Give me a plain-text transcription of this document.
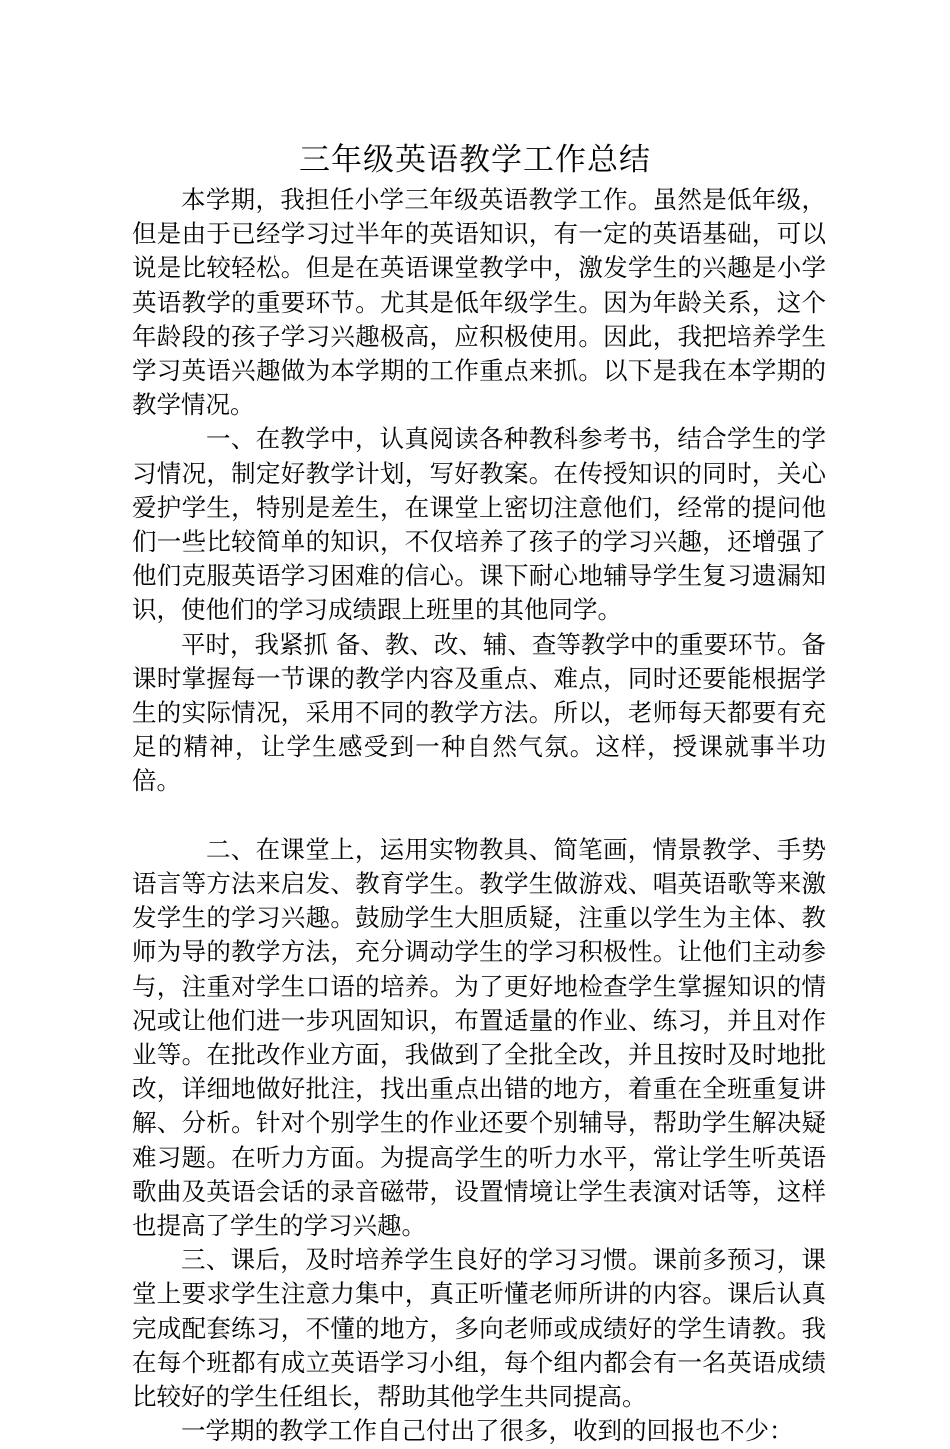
三年级英语教学工作总结

本学期，我担任小学三年级英语教学工作。虽然是低年级，但是由于已经学习过半年的英语知识，有一定的英语基础，可以说是比较轻松。但是在英语课堂教学中，激发学生的兴趣是小学英语教学的重要环节。尤其是低年级学生。因为年龄关系，这个年龄段的孩子学习兴趣极高，应积极使用。因此，我把培养学生学习英语兴趣做为本学期的工作重点来抓。以下是我在本学期的教学情况。

一、在教学中，认真阅读各种教科参考书，结合学生的学习情况，制定好教学计划，写好教案。在传授知识的同时，关心爱护学生，特别是差生，在课堂上密切注意他们，经常的提问他们一些比较简单的知识，不仅培养了孩子的学习兴趣，还增强了他们克服英语学习困难的信心。课下耐心地辅导学生复习遗漏知识，使他们的学习成绩跟上班里的其他同学。

平时，我紧抓 备、教、改、辅、查等教学中的重要环节。备课时掌握每一节课的教学内容及重点、难点，同时还要能根据学生的实际情况，采用不同的教学方法。所以，老师每天都要有充足的精神，让学生感受到一种自然气氛。这样，授课就事半功倍。

二、在课堂上，运用实物教具、简笔画，情景教学、手势语言等方法来启发、教育学生。教学生做游戏、唱英语歌等来激发学生的学习兴趣。鼓励学生大胆质疑，注重以学生为主体、教师为导的教学方法，充分调动学生的学习积极性。让他们主动参与，注重对学生口语的培养。为了更好地检查学生掌握知识的情况或让他们进一步巩固知识，布置适量的作业、练习，并且对作业等。在批改作业方面，我做到了全批全改，并且按时及时地批改，详细地做好批注，找出重点出错的地方，着重在全班重复讲解、分析。针对个别学生的作业还要个别辅导，帮助学生解决疑难习题。在听力方面。为提高学生的听力水平，常让学生听英语歌曲及英语会话的录音磁带，设置情境让学生表演对话等，这样也提高了学生的学习兴趣。

三、课后，及时培养学生良好的学习习惯。课前多预习，课堂上要求学生注意力集中，真正听懂老师所讲的内容。课后认真完成配套练习，不懂的地方，多向老师或成绩好的学生请教。我在每个班都有成立英语学习小组，每个组内都会有一名英语成绩比较好的学生任组长，帮助其他学生共同提高。

一学期的教学工作自己付出了很多，收到的回报也不少：
